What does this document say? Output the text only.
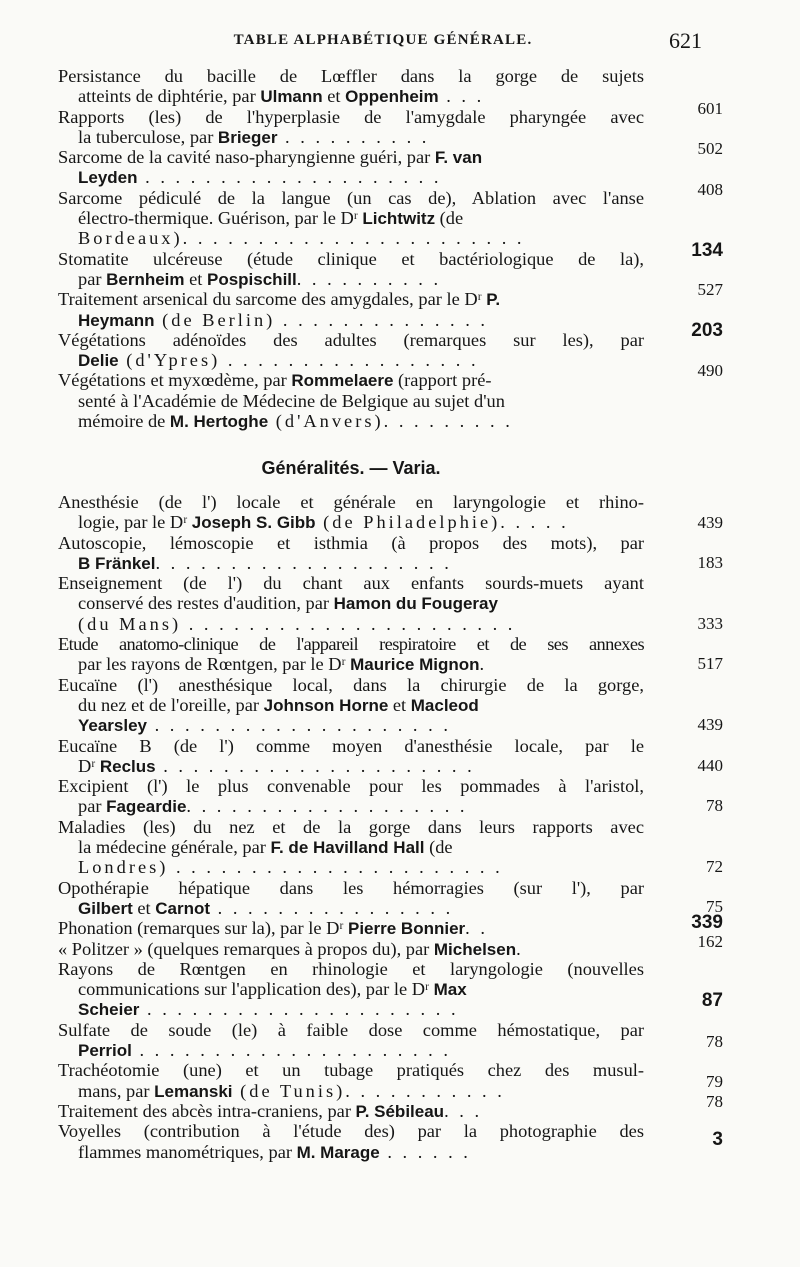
TABLE ALPHABÉTIQUE GÉNÉRALE.	621
Persistance du bacille de Lœffler dans la gorge de sujets
atteints de diphtérie, par Ulmann et Oppenheim . . .
Rapports (les) de l'hyperplasie de l'amygdale pharyngée avec
la tuberculose, par Brieger . . . . . . . . . .
Sarcome de la cavité naso-pharyngienne guéri, par F. van
Leyden . . . . . . . . . . . . . . . . . . . .
Sarcome pédiculé de la langue (un cas de), Ablation avec l'anse
électro-thermique. Guérison, par le Dʳ Lichtwitz (de
Bordeaux). . . . . . . . . . . . . . . . . . . . . . .
Stomatite ulcéreuse (étude clinique et bactériologique de la),
par Bernheim et Pospischill. . . . . . . . . .
Traitement arsenical du sarcome des amygdales, par le Dʳ P.
Heymann (de Berlin) . . . . . . . . . . . . . .
Végétations adénoïdes des adultes (remarques sur les), par
Delie (d'Ypres) . . . . . . . . . . . . . . . . .
Végétations et myxœdème, par Rommelaere (rapport pré-
senté à l'Académie de Médecine de Belgique au sujet d'un
mémoire de M. Hertoghe (d'Anvers). . . . . . . . .
601
502
408
134
527
203
490
Généralités. — Varia.
Anesthésie (de l') locale et générale en laryngologie et rhino-
logie, par le Dʳ Joseph S. Gibb (de Philadelphie). . . . .
Autoscopie, lémoscopie et isthmia (à propos des mots), par
B Fränkel. . . . . . . . . . . . . . . . . . . .
Enseignement (de l') du chant aux enfants sourds-muets ayant
conservé des restes d'audition, par Hamon du Fougeray
(du Mans) . . . . . . . . . . . . . . . . . . . . . .
Etude anatomo-clinique de l'appareil respiratoire et de ses annexes
par les rayons de Rœntgen, par le Dʳ Maurice Mignon.
Eucaïne (l') anesthésique local, dans la chirurgie de la gorge,
du nez et de l'oreille, par Johnson Horne et Macleod
Yearsley . . . . . . . . . . . . . . . . . . . .
Eucaïne B (de l') comme moyen d'anesthésie locale, par le
Dʳ Reclus . . . . . . . . . . . . . . . . . . . . .
Excipient (l') le plus convenable pour les pommades à l'aristol,
par Fageardie. . . . . . . . . . . . . . . . . . .
Maladies (les) du nez et de la gorge dans leurs rapports avec
la médecine générale, par F. de Havilland Hall (de
Londres) . . . . . . . . . . . . . . . . . . . . . .
Opothérapie hépatique dans les hémorragies (sur l'), par
Gilbert et Carnot . . . . . . . . . . . . . . . .
Phonation (remarques sur la), par le Dʳ Pierre Bonnier. .
« Politzer » (quelques remarques à propos du), par Michelsen.
Rayons de Rœntgen en rhinologie et laryngologie (nouvelles
communications sur l'application des), par le Dʳ Max
Scheier . . . . . . . . . . . . . . . . . . . . .
Sulfate de soude (le) à faible dose comme hémostatique, par
Perriol . . . . . . . . . . . . . . . . . . . . .
Trachéotomie (une) et un tubage pratiqués chez des musul-
mans, par Lemanski (de Tunis). . . . . . . . . . .
Traitement des abcès intra-craniens, par P. Sébileau. . .
Voyelles (contribution à l'étude des) par la photographie des
flammes manométriques, par M. Marage . . . . . .
439
183
333
517
439
440
78
72
75
339
162
87
78
79
78
3
